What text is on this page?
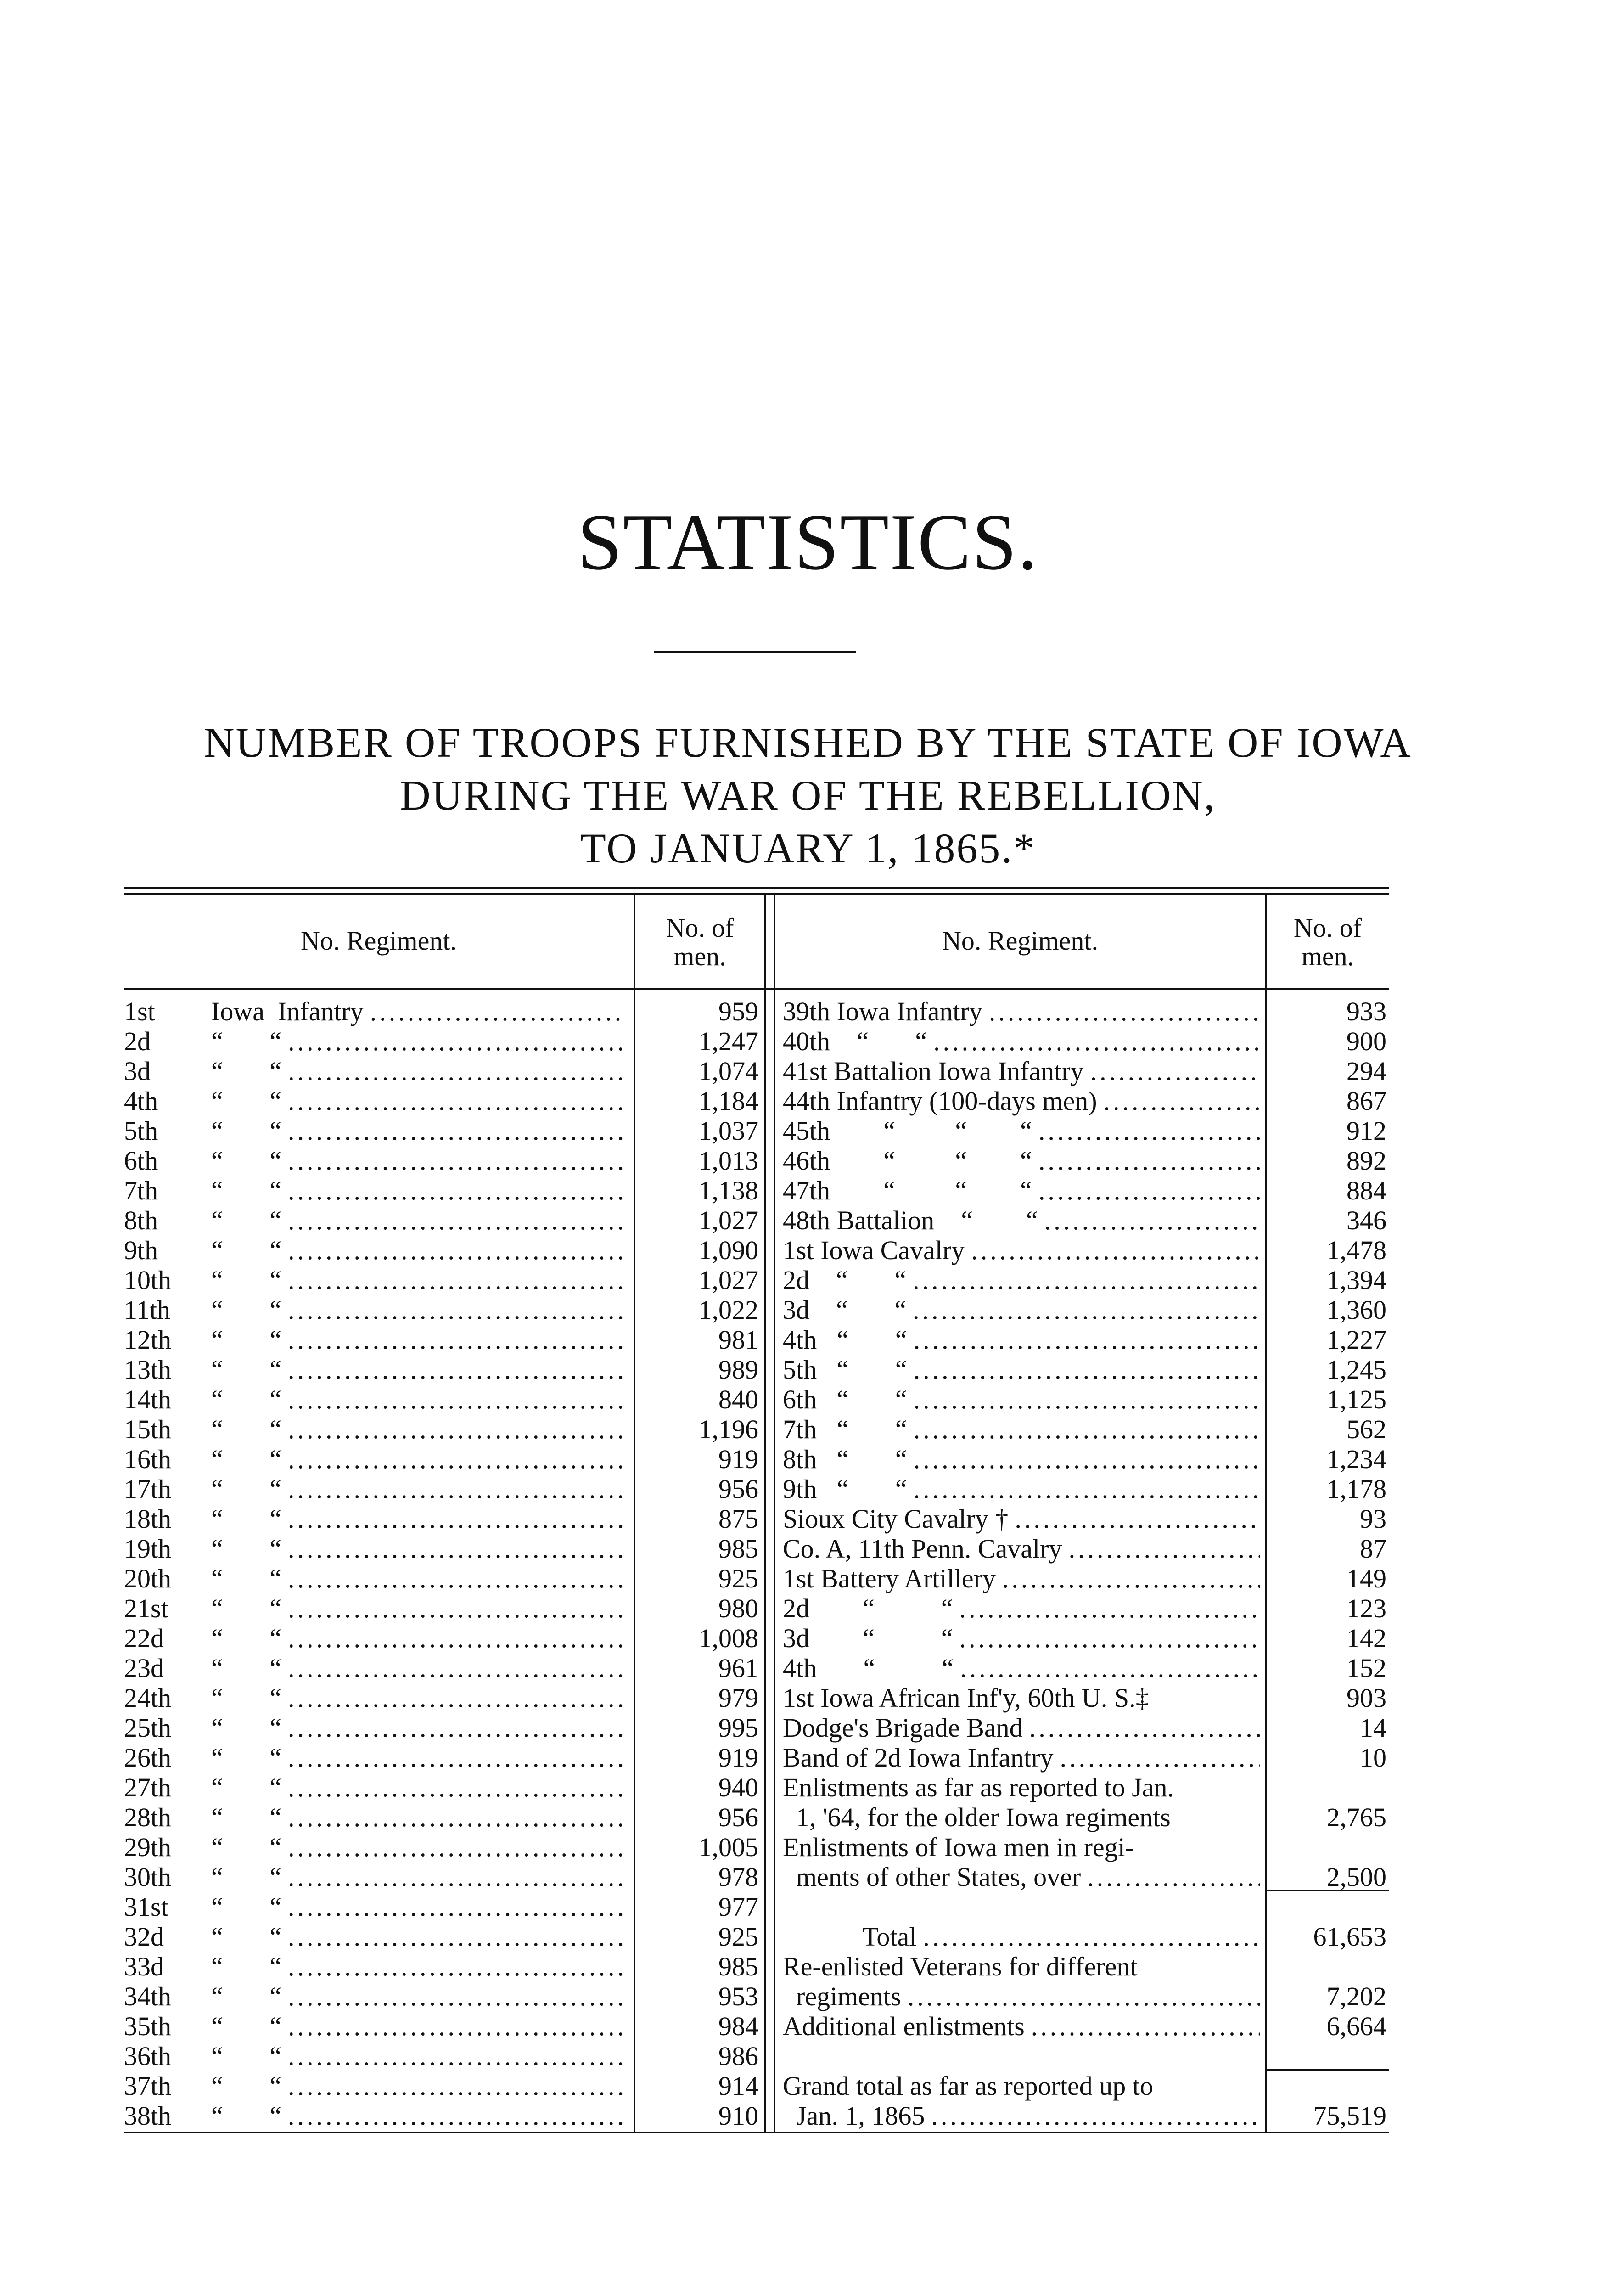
STATISTICS.
NUMBER OF TROOPS FURNISHED BY THE STATE OF IOWA
DURING THE WAR OF THE REBELLION,
TO JANUARY 1, 1865.*
No. Regiment.	No. of
men.
No. Regiment.	No. of
men.
1st	Iowa  Infantry .....	959
2d	“       “ .....	1,247
3d	“       “ .....	1,074
4th	“       “ .....	1,184
5th	“       “ .....	1,037
6th	“       “ .....	1,013
7th	“       “ .....	1,138
8th	“       “ .....	1,027
9th	“       “ .....	1,090
10th	“       “ .....	1,027
11th	“       “ .....	1,022
12th	“       “ .....	981
13th	“       “ .....	989
14th	“       “ .....	840
15th	“       “ .....	1,196
16th	“       “ .....	919
17th	“       “ .....	956
18th	“       “ .....	875
19th	“       “ .....	985
20th	“       “ .....	925
21st	“       “ .....	980
22d	“       “ .....	1,008
23d	“       “ .....	961
24th	“       “ .....	979
25th	“       “ .....	995
26th	“       “ .....	919
27th	“       “ .....	940
28th	“       “ .....	956
29th	“       “ .....	1,005
30th	“       “ .....	978
31st	“       “ .....	977
32d	“       “ .....	925
33d	“       “ .....	985
34th	“       “ .....	953
35th	“       “ .....	984
36th	“       “ .....	986
37th	“       “ .....	914
38th	“       “ .....	910
39th Iowa Infantry .....	933
40th    “       “ .....	900
41st Battalion Iowa Infantry .....	294
44th Infantry (100-days men) .....	867
45th        “         “        “ .....	912
46th        “         “        “ .....	892
47th        “         “        “ .....	884
48th Battalion    “        “ .....	346
1st Iowa Cavalry .....	1,478
2d    “       “ .....	1,394
3d    “       “ .....	1,360
4th   “       “ .....	1,227
5th   “       “ .....	1,245
6th   “       “ .....	1,125
7th   “       “ .....	562
8th   “       “ .....	1,234
9th   “       “ .....	1,178
Sioux City Cavalry † .....	93
Co. A, 11th Penn. Cavalry .....	87
1st Battery Artillery .....	149
2d        “          “ .....	123
3d        “          “ .....	142
4th       “          “ .....	152
1st Iowa African Inf'y, 60th U. S.‡	903
Dodge's Brigade Band .....	14
Band of 2d Iowa Infantry .....	10
Enlistments as far as reported to Jan.
1, '64, for the older Iowa regiments	2,765
Enlistments of Iowa men in regi-
ments of other States, over .....	2,500
Total .....	61,653
Re-enlisted Veterans for different
regiments .....	7,202
Additional enlistments .....	6,664
Grand total as far as reported up to
Jan. 1, 1865 .....	75,519
